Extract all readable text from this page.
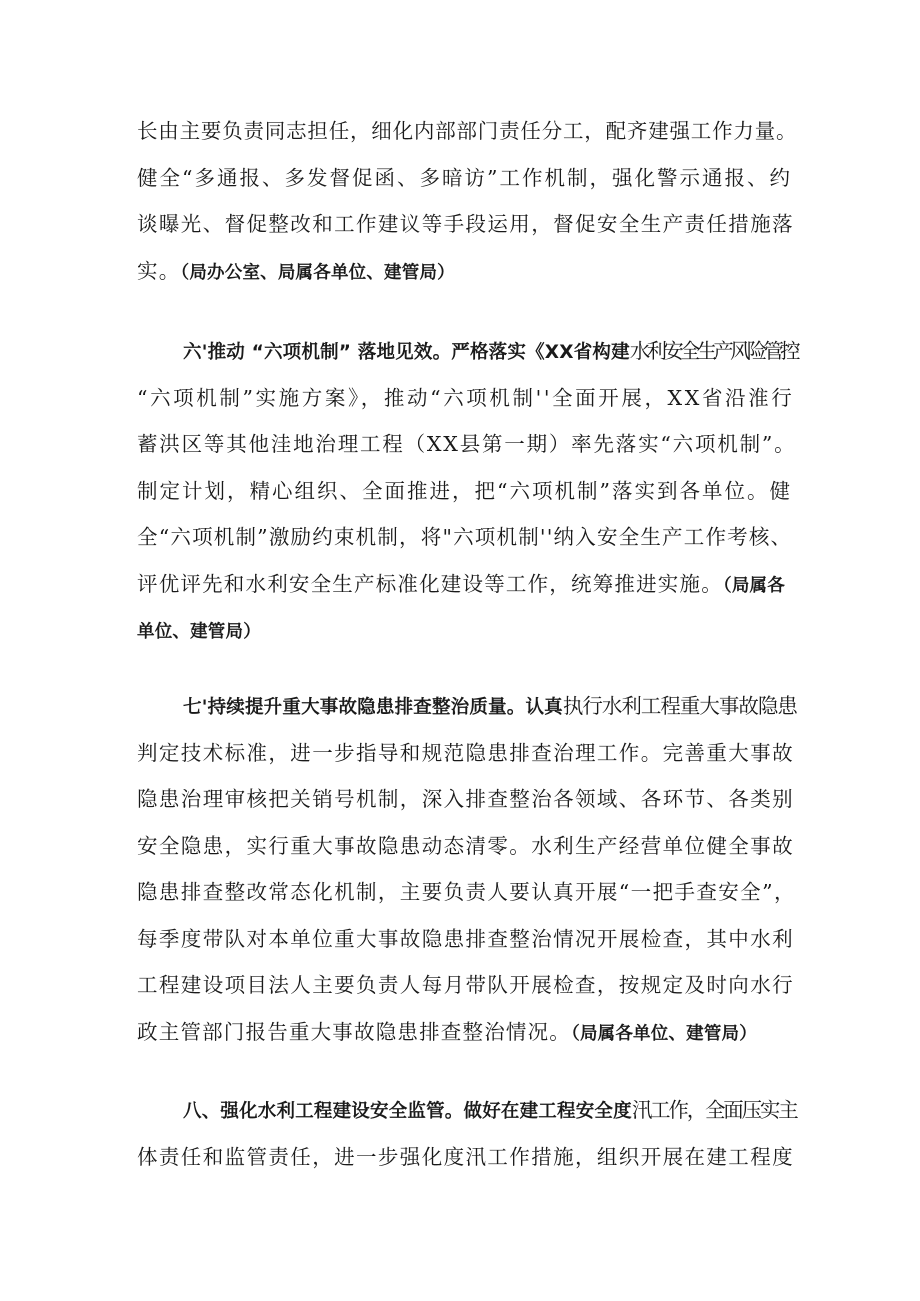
长由主要负责同志担任，细化内部部门责任分工，配齐建强工作力量。
健全“多通报、多发督促函、多暗访”工作机制，强化警示通报、约
谈曝光、督促整改和工作建议等手段运用，督促安全生产责任措施落
实。（局办公室、局属各单位、建管局）
六'推动 “六项机制” 落地见效。严格落实《XX省构建水利安全生产风险管控
“六项机制”实施方案》，推动“六项机制''全面开展，XX省沿淮行
蓄洪区等其他洼地治理工程（XX县第一期）率先落实“六项机制”。
制定计划，精心组织、全面推进，把“六项机制”落实到各单位。健
全“六项机制”激励约束机制，将"六项机制''纳入安全生产工作考核、
评优评先和水利安全生产标准化建设等工作，统筹推进实施。（局属各
单位、建管局）
七'持续提升重大事故隐患排查整治质量。认真执行水利工程重大事故隐患
判定技术标准，进一步指导和规范隐患排查治理工作。完善重大事故
隐患治理审核把关销号机制，深入排查整治各领域、各环节、各类别
安全隐患，实行重大事故隐患动态清零。水利生产经营单位健全事故
隐患排查整改常态化机制，主要负责人要认真开展“一把手查安全”，
每季度带队对本单位重大事故隐患排查整治情况开展检查，其中水利
工程建设项目法人主要负责人每月带队开展检查，按规定及时向水行
政主管部门报告重大事故隐患排查整治情况。（局属各单位、建管局）
八、强化水利工程建设安全监管。做好在建工程安全度汛工作，全面压实主
体责任和监管责任，进一步强化度汛工作措施，组织开展在建工程度
